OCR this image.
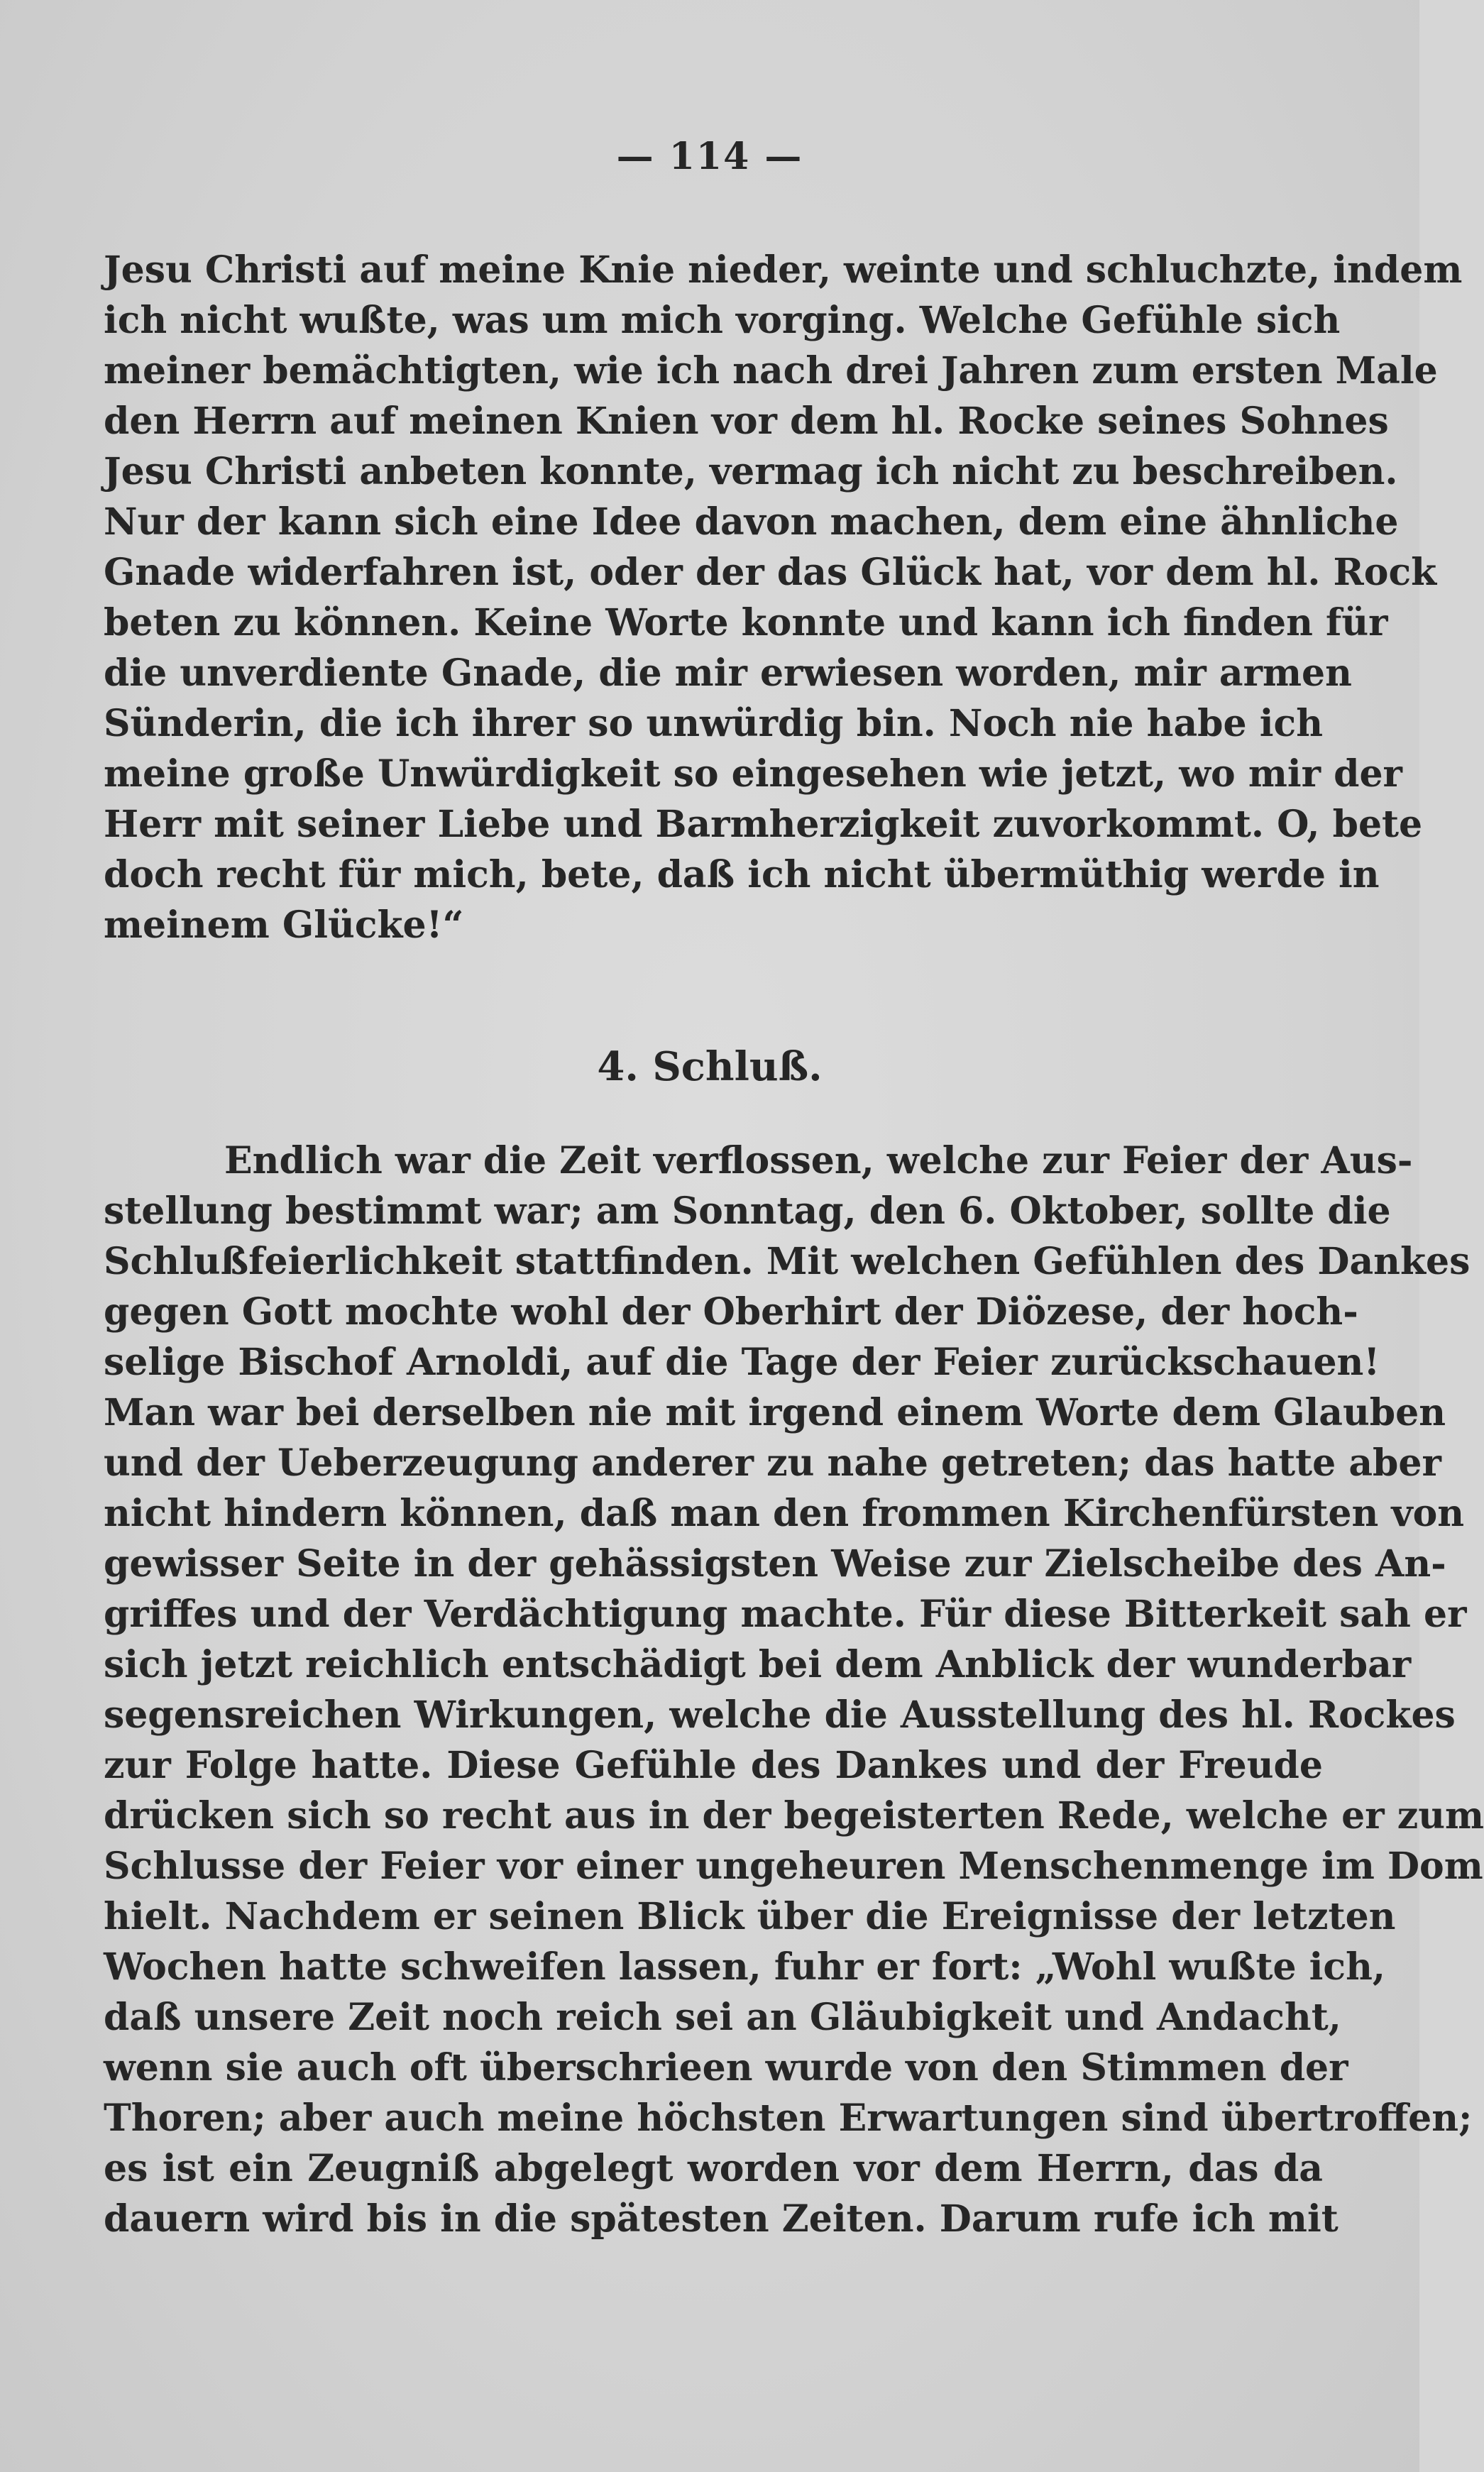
— 114 —
Jesu Christi auf meine Knie nieder, weinte und schluchzte, indem
ich nicht wußte, was um mich vorging. Welche Gefühle sich
meiner bemächtigten, wie ich nach drei Jahren zum ersten Male
den Herrn auf meinen Knien vor dem hl. Rocke seines Sohnes
Jesu Christi anbeten konnte, vermag ich nicht zu beschreiben.
Nur der kann sich eine Idee davon machen, dem eine ähnliche
Gnade widerfahren ist, oder der das Glück hat, vor dem hl. Rock
beten zu können. Keine Worte konnte und kann ich finden für
die unverdiente Gnade, die mir erwiesen worden, mir armen
Sünderin, die ich ihrer so unwürdig bin. Noch nie habe ich
meine große Unwürdigkeit so eingesehen wie jetzt, wo mir der
Herr mit seiner Liebe und Barmherzigkeit zuvorkommt. O, bete
doch recht für mich, bete, daß ich nicht übermüthig werde in
meinem Glücke!“
4. Schluß.
Endlich war die Zeit verflossen, welche zur Feier der Aus-
stellung bestimmt war; am Sonntag, den 6. Oktober, sollte die
Schlußfeierlichkeit stattfinden. Mit welchen Gefühlen des Dankes
gegen Gott mochte wohl der Oberhirt der Diözese, der hoch-
selige Bischof Arnoldi, auf die Tage der Feier zurückschauen!
Man war bei derselben nie mit irgend einem Worte dem Glauben
und der Ueberzeugung anderer zu nahe getreten; das hatte aber
nicht hindern können, daß man den frommen Kirchenfürsten von
gewisser Seite in der gehässigsten Weise zur Zielscheibe des An-
griffes und der Verdächtigung machte. Für diese Bitterkeit sah er
sich jetzt reichlich entschädigt bei dem Anblick der wunderbar
segensreichen Wirkungen, welche die Ausstellung des hl. Rockes
zur Folge hatte. Diese Gefühle des Dankes und der Freude
drücken sich so recht aus in der begeisterten Rede, welche er zum
Schlusse der Feier vor einer ungeheuren Menschenmenge im Dom
hielt. Nachdem er seinen Blick über die Ereignisse der letzten
Wochen hatte schweifen lassen, fuhr er fort: „Wohl wußte ich,
daß unsere Zeit noch reich sei an Gläubigkeit und Andacht,
wenn sie auch oft überschrieen wurde von den Stimmen der
Thoren; aber auch meine höchsten Erwartungen sind übertroffen;
es ist ein Zeugniß abgelegt worden vor dem Herrn, das da
dauern wird bis in die spätesten Zeiten. Darum rufe ich mit
